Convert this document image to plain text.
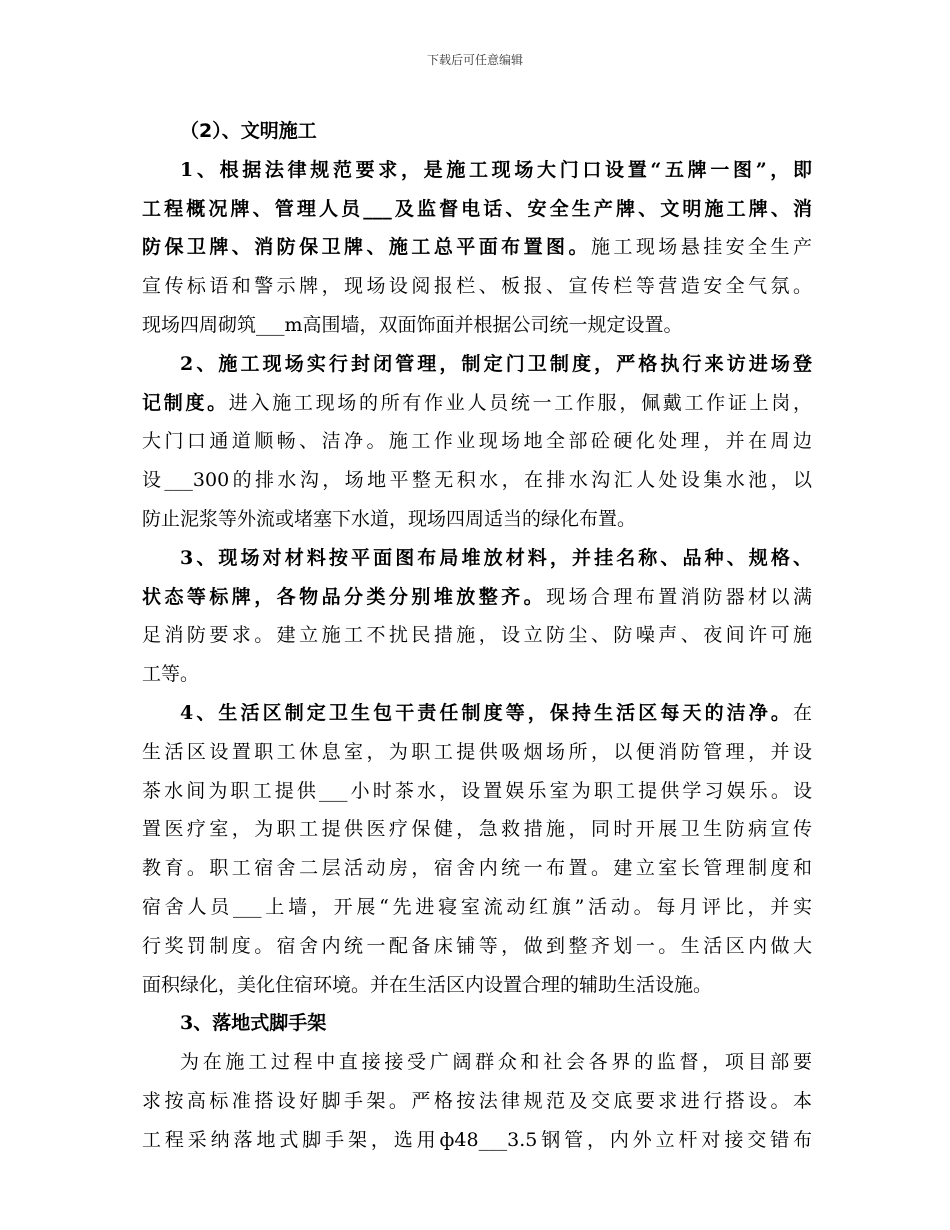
下载后可任意编辑
（2）、文明施工
1、根据法律规范要求，是施工现场大门口设置“五牌一图”，即
工程概况牌、管理人员___及监督电话、安全生产牌、文明施工牌、消
防保卫牌、消防保卫牌、施工总平面布置图。施工现场悬挂安全生产
宣传标语和警示牌，现场设阅报栏、板报、宣传栏等营造安全气氛。
现场四周砌筑___m高围墙，双面饰面并根据公司统一规定设置。
2、施工现场实行封闭管理，制定门卫制度，严格执行来访进场登
记制度。进入施工现场的所有作业人员统一工作服，佩戴工作证上岗，
大门口通道顺畅、洁净。施工作业现场地全部砼硬化处理，并在周边
设___300的排水沟，场地平整无积水，在排水沟汇人处设集水池，以
防止泥浆等外流或堵塞下水道，现场四周适当的绿化布置。
3、现场对材料按平面图布局堆放材料，并挂名称、品种、规格、
状态等标牌，各物品分类分别堆放整齐。现场合理布置消防器材以满
足消防要求。建立施工不扰民措施，设立防尘、防噪声、夜间许可施
工等。
4、生活区制定卫生包干责任制度等，保持生活区每天的洁净。在
生活区设置职工休息室，为职工提供吸烟场所，以便消防管理，并设
茶水间为职工提供___小时茶水，设置娱乐室为职工提供学习娱乐。设
置医疗室，为职工提供医疗保健，急救措施，同时开展卫生防病宣传
教育。职工宿舍二层活动房，宿舍内统一布置。建立室长管理制度和
宿舍人员___上墙，开展“先进寝室流动红旗”活动。每月评比，并实
行奖罚制度。宿舍内统一配备床铺等，做到整齐划一。生活区内做大
面积绿化，美化住宿环境。并在生活区内设置合理的辅助生活设施。
3、落地式脚手架
为在施工过程中直接接受广阔群众和社会各界的监督，项目部要
求按高标准搭设好脚手架。严格按法律规范及交底要求进行搭设。本
工程采纳落地式脚手架，选用ф48___3.5钢管，内外立杆对接交错布
